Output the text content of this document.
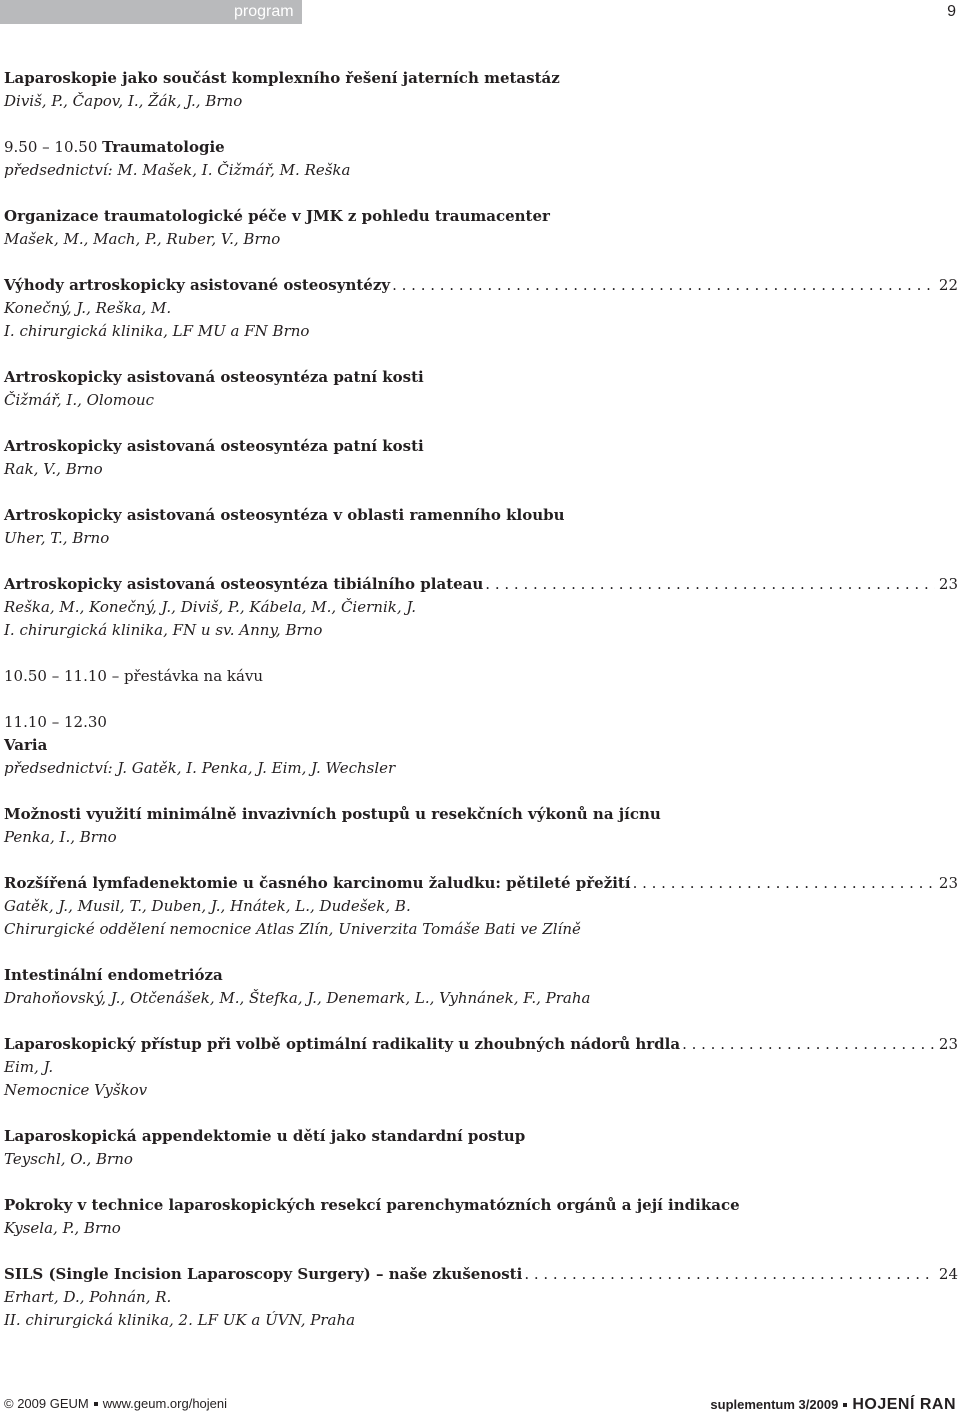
program	9
Laparoskopie jako součást komplexního řešení jaterních metastáz
Diviš, P., Čapov, I., Žák, J., Brno
9.50 – 10.50 Traumatologie
předsednictví: M. Mašek, I. Čižmář, M. Reška
Organizace traumatologické péče v JMK z pohledu traumacenter
Mašek, M., Mach, P., Ruber, V., Brno
Výhody artroskopicky asistované osteosyntézy . . .	22
Konečný, J., Reška, M.
I. chirurgická klinika, LF MU a FN Brno
Artroskopicky asistovaná osteosyntéza patní kosti
Čižmář, I., Olomouc
Artroskopicky asistovaná osteosyntéza patní kosti
Rak, V., Brno
Artroskopicky asistovaná osteosyntéza v oblasti ramenního kloubu
Uher, T., Brno
Artroskopicky asistovaná osteosyntéza tibiálního plateau . . .	23
Reška, M., Konečný, J., Diviš, P., Kábela, M., Čiernik, J.
I. chirurgická klinika, FN u sv. Anny, Brno
10.50 – 11.10 – přestávka na kávu
11.10 – 12.30
Varia
předsednictví: J. Gatěk, I. Penka, J. Eim, J. Wechsler
Možnosti využití minimálně invazivních postupů u resekčních výkonů na jícnu
Penka, I., Brno
Rozšířená lymfadenektomie u časného karcinomu žaludku: pětileté přežití . . .	23
Gatěk, J., Musil, T., Duben, J., Hnátek, L., Dudešek, B.
Chirurgické oddělení nemocnice Atlas Zlín, Univerzita Tomáše Bati ve Zlíně
Intestinální endometrióza
Drahoňovský, J., Otčenášek, M., Štefka, J., Denemark, L., Vyhnánek, F., Praha
Laparoskopický přístup při volbě optimální radikality u zhoubných nádorů hrdla . . .	23
Eim, J.
Nemocnice Vyškov
Laparoskopická appendektomie u dětí jako standardní postup
Teyschl, O., Brno
Pokroky v technice laparoskopických resekcí parenchymatózních orgánů a její indikace
Kysela, P., Brno
SILS (Single Incision Laparoscopy Surgery) – naše zkušenosti . . .	24
Erhart, D., Pohnán, R.
II. chirurgická klinika, 2. LF UK a ÚVN, Praha
© 2009 GEUM www.geum.org/hojeni	suplementum 3/2009 HOJENÍ RAN
